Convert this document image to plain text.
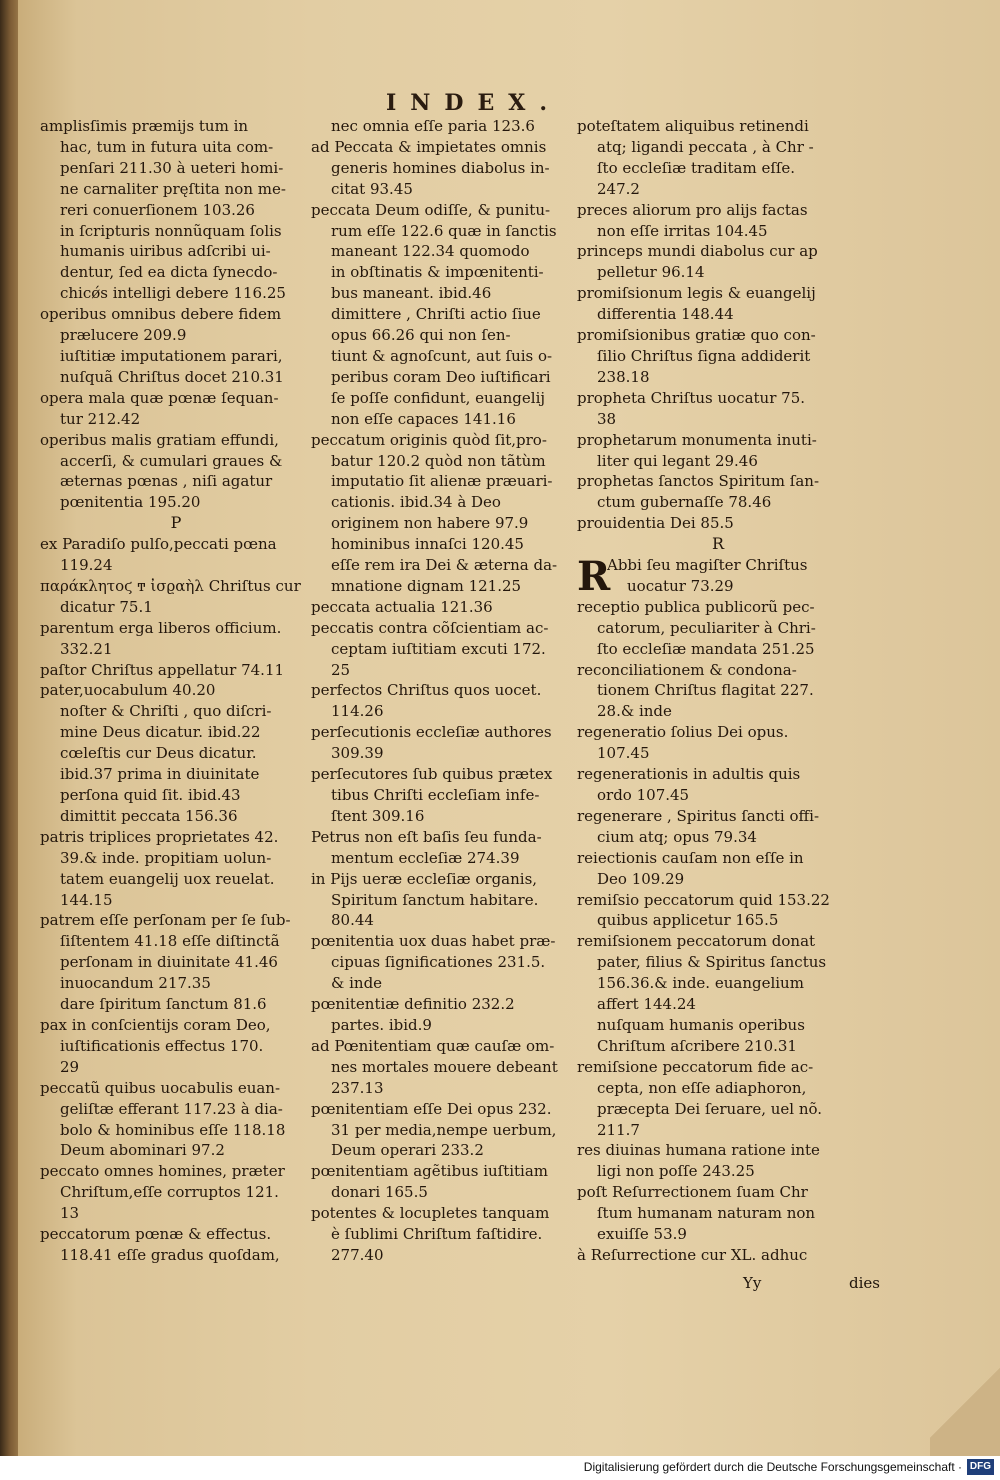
INDEX.
amplisſimis præmijs tum in
hac, tum in futura uita com-
penſari 211.30 à ueteri homi-
ne carnaliter pręſtita non me-
reri conuerſionem 103.26
in ſcripturis nonnũquam ſolis
humanis uiribus adſcribi ui-
dentur, ſed ea dicta ſynecdo-
chicǿs intelligi debere 116.25
operibus omnibus debere fidem
prælucere 209.9
iuſtitiæ imputationem parari,
nuſquã Chriſtus docet 210.31
opera mala quæ pœnæ ſequan-
tur 212.42
operibus malis gratiam effundi,
accerſi, & cumulari graues &
æternas pœnas , niſi agatur
pœnitentia 195.20
P
ex Paradiſo pulſo,peccati pœna
119.24
παράκλητοϛ ͳ ἰσϱαὴλ Chriſtus cur
dicatur 75.1
parentum erga liberos officium.
332.21
paſtor Chriſtus appellatur 74.11
pater,uocabulum 40.20
noſter & Chriſti , quo diſcri-
mine Deus dicatur. ibid.22
cœleſtis cur Deus dicatur.
ibid.37 prima in diuinitate
perſona quid ſit. ibid.43
dimittit peccata 156.36
patris triplices proprietates 42.
39.& inde. propitiam uolun-
tatem euangelij uox reuelat.
144.15
patrem eſſe perſonam per ſe ſub-
ſiſtentem 41.18 eſſe diſtinctã
perſonam in diuinitate 41.46
inuocandum 217.35
dare ſpiritum ſanctum 81.6
pax in conſcientijs coram Deo,
iuſtificationis effectus 170.
29
peccatũ quibus uocabulis euan-
geliſtæ efferant 117.23 à dia-
bolo & hominibus eſſe 118.18
Deum abominari 97.2
peccato omnes homines, præter
Chriſtum,eſſe corruptos 121.
13
peccatorum pœnæ & effectus.
118.41 eſſe gradus quoſdam,
nec omnia eſſe paria 123.6
ad Peccata & impietates omnis
generis homines diabolus in-
citat 93.45
peccata Deum odiſſe, & punitu-
rum eſſe 122.6 quæ in ſanctis
maneant 122.34 quomodo
in obſtinatis & impœnitenti-
bus maneant. ibid.46
dimittere , Chriſti actio ſiue
opus 66.26 qui non ſen-
tiunt & agnoſcunt, aut ſuis o-
peribus coram Deo iuſtificari
ſe poſſe confidunt, euangelij
non eſſe capaces 141.16
peccatum originis quòd ſit,pro-
batur 120.2 quòd non tãtùm
imputatio ſit alienæ præuari-
cationis. ibid.34 à Deo
originem non habere 97.9
hominibus innaſci 120.45
eſſe rem ira Dei & æterna da-
mnatione dignam 121.25
peccata actualia 121.36
peccatis contra cõſcientiam ac-
ceptam iuſtitiam excuti 172.
25
perfectos Chriſtus quos uocet.
114.26
perſecutionis eccleſiæ authores
309.39
perſecutores ſub quibus prætex
tibus Chriſti eccleſiam infe-
ſtent 309.16
Petrus non eſt baſis ſeu funda-
mentum eccleſiæ 274.39
in Pijs ueræ eccleſiæ organis,
Spiritum ſanctum habitare.
80.44
pœnitentia uox duas habet præ-
cipuas ſignificationes 231.5.
& inde
pœnitentiæ definitio 232.2
partes. ibid.9
ad Pœnitentiam quæ cauſæ om-
nes mortales mouere debeant
237.13
pœnitentiam eſſe Dei opus 232.
31 per media,nempe uerbum,
Deum operari 233.2
pœnitentiam agẽtibus iuſtitiam
donari 165.5
potentes & locupletes tanquam
è ſublimi Chriſtum faſtidire.
277.40
poteſtatem aliquibus retinendi
atq; ligandi peccata , à Chr -
ſto eccleſiæ traditam eſſe.
247.2
preces aliorum pro alijs factas
non eſſe irritas 104.45
princeps mundi diabolus cur ap
pelletur 96.14
promiſsionum legis & euangelij
differentia 148.44
promiſsionibus gratiæ quo con-
ſilio Chriſtus ſigna addiderit
238.18
propheta Chriſtus uocatur 75.
38
prophetarum monumenta inuti-
liter qui legant 29.46
prophetas ſanctos Spiritum ſan-
ctum gubernaſſe 78.46
prouidentia Dei 85.5
R
R
Abbi ſeu magiſter Chriſtus
uocatur 73.29
receptio publica publicorũ pec-
catorum, peculiariter à Chri-
ſto eccleſiæ mandata 251.25
reconciliationem & condona-
tionem Chriſtus flagitat 227.
28.& inde
regeneratio ſolius Dei opus.
107.45
regenerationis in adultis quis
ordo 107.45
regenerare , Spiritus ſancti offi-
cium atq; opus 79.34
reiectionis cauſam non eſſe in
Deo 109.29
remiſsio peccatorum quid 153.22
quibus applicetur 165.5
remiſsionem peccatorum donat
pater, filius & Spiritus ſanctus
156.36.& inde. euangelium
affert 144.24
nuſquam humanis operibus
Chriſtum aſcribere 210.31
remiſsione peccatorum fide ac-
cepta, non eſſe adiaphoron,
præcepta Dei ſeruare, uel nõ.
211.7
res diuinas humana ratione inte
ligi non poſſe 243.25
poſt Reſurrectionem ſuam Chr
ſtum humanam naturam non
exuiſſe 53.9
à Reſurrectione cur XL. adhuc
Yy	dies
Digitalisierung gefördert durch die Deutsche Forschungsgemeinschaft · DFG
